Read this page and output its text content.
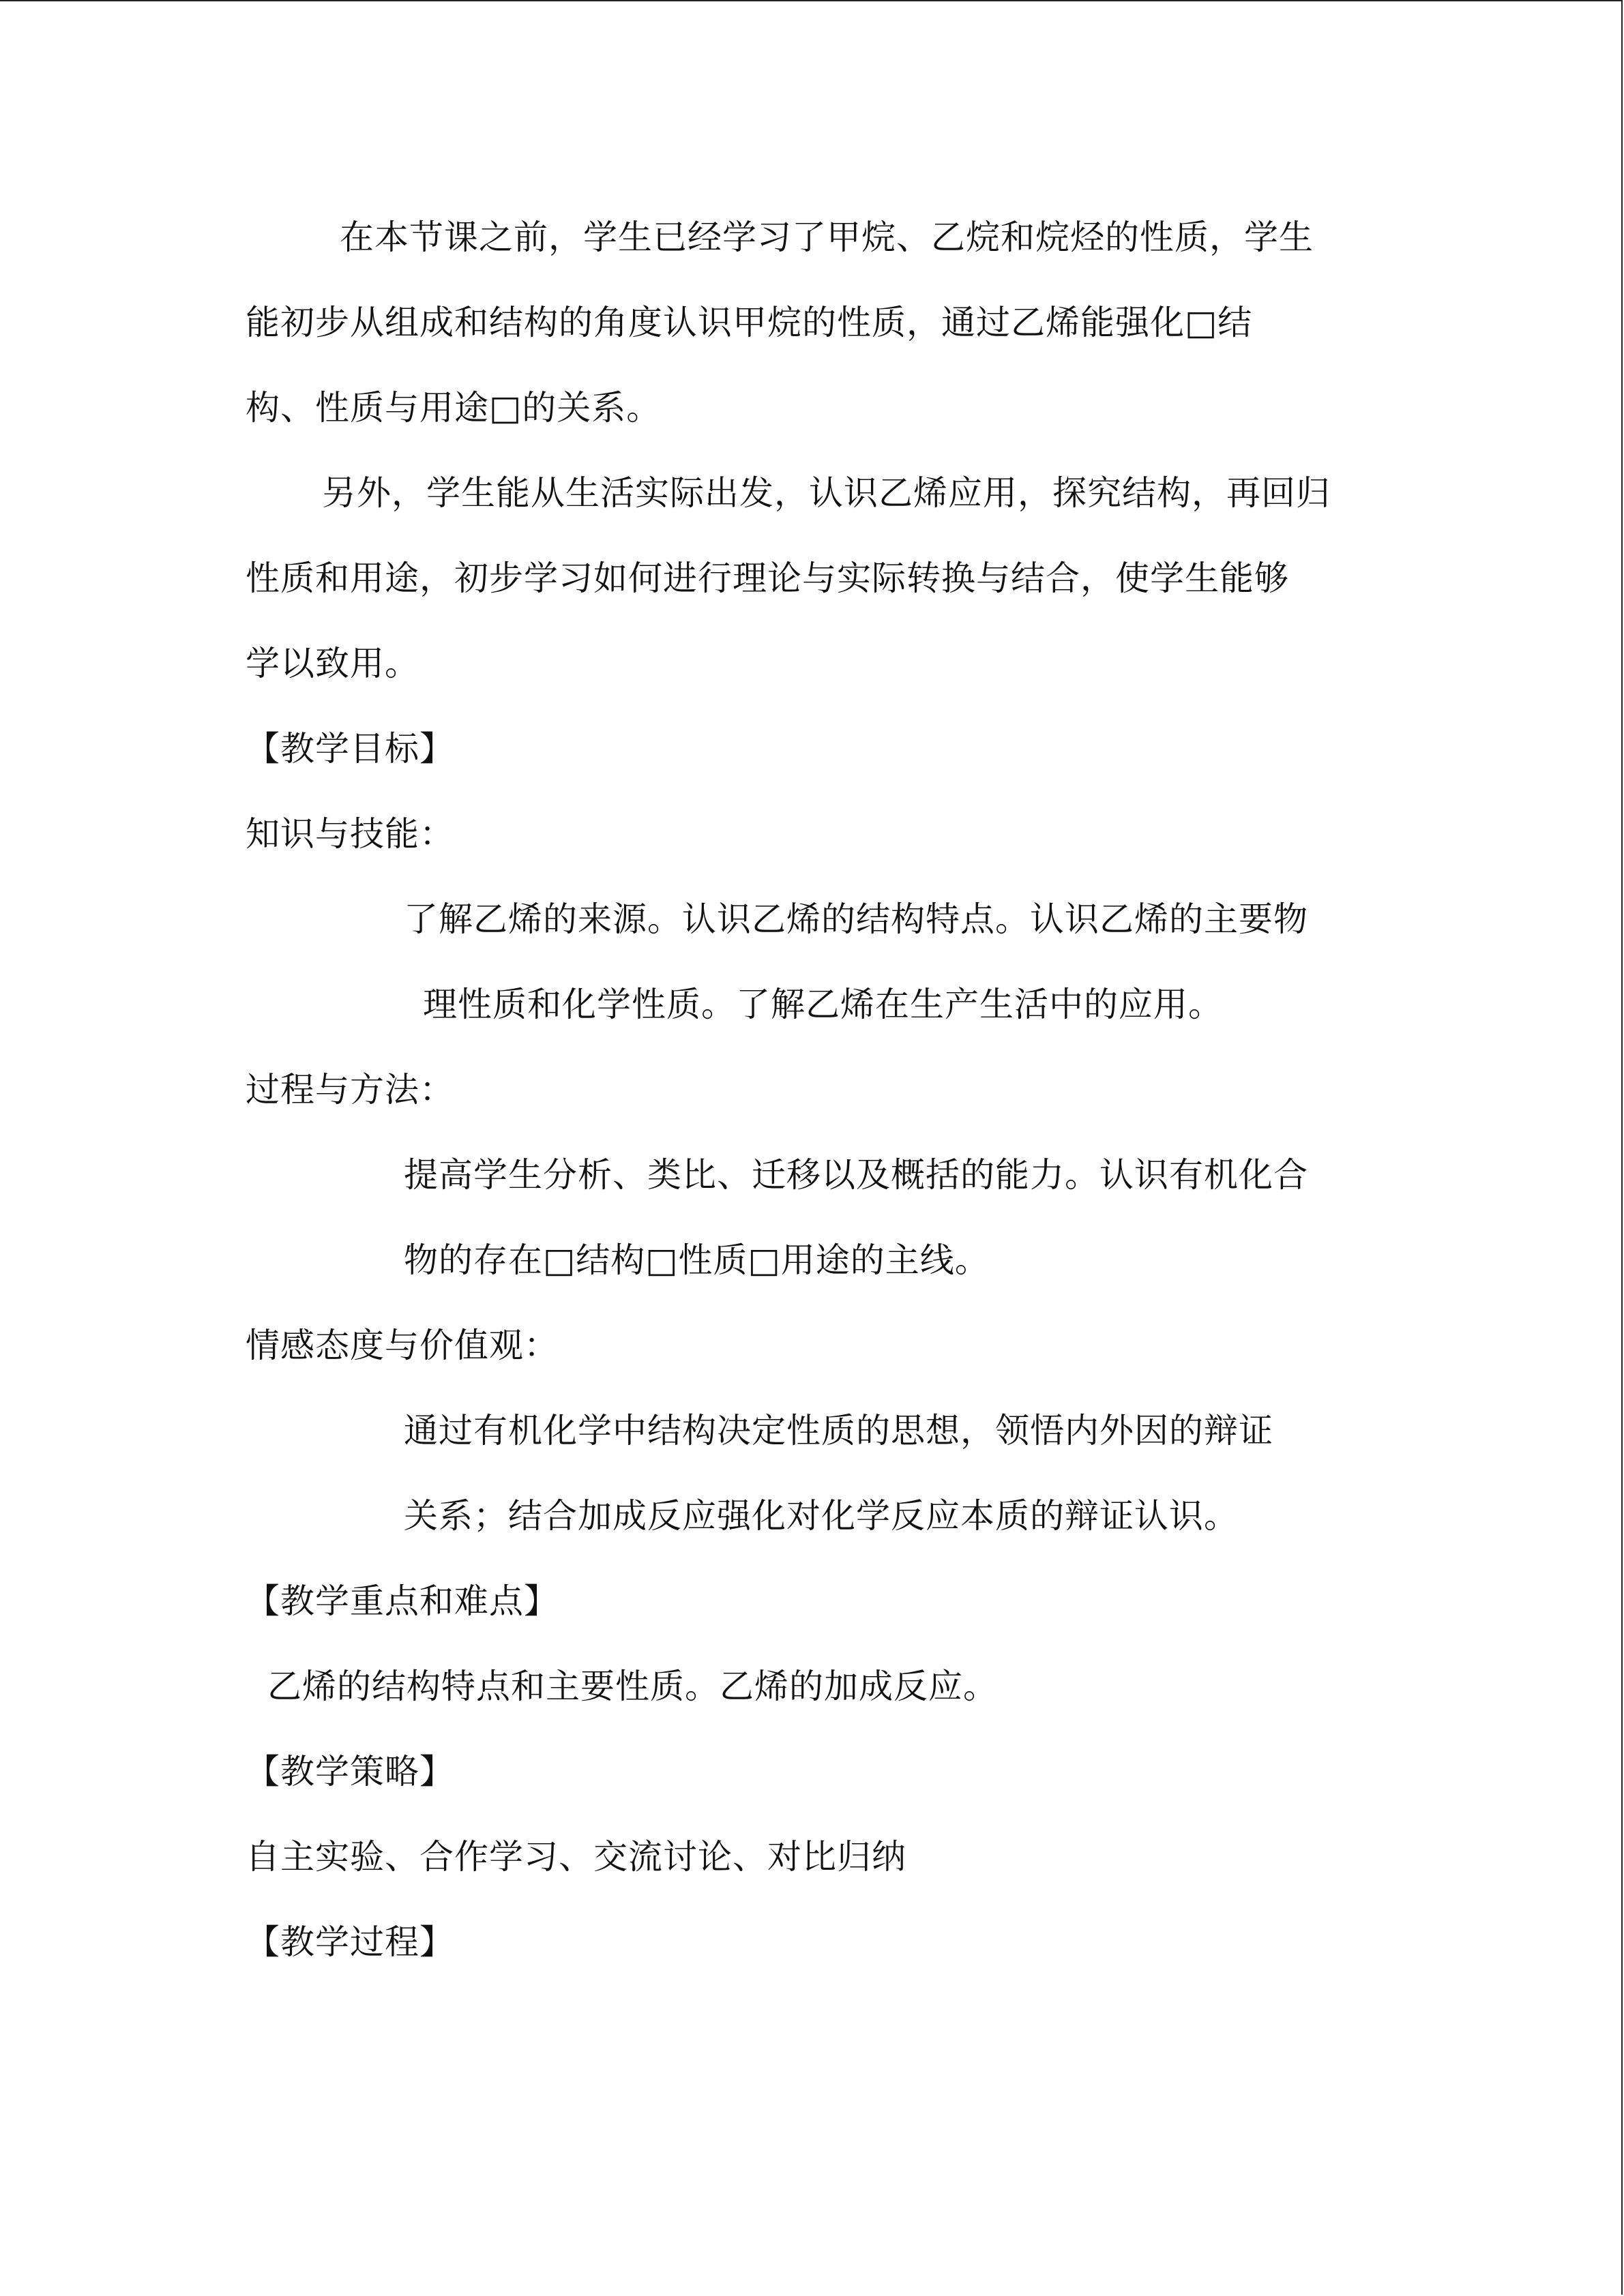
在本节课之前，学生已经学习了甲烷、乙烷和烷烃的性质，学生
能初步从组成和结构的角度认识甲烷的性质，通过乙烯能强化□结
构、性质与用途□的关系。
另外，学生能从生活实际出发，认识乙烯应用，探究结构，再回归
性质和用途，初步学习如何进行理论与实际转换与结合，使学生能够
学以致用。
【教学目标】
知识与技能：
了解乙烯的来源。认识乙烯的结构特点。认识乙烯的主要物
理性质和化学性质。了解乙烯在生产生活中的应用。
过程与方法：
提高学生分析、类比、迁移以及概括的能力。认识有机化合
物的存在□结构□性质□用途的主线。
情感态度与价值观：
通过有机化学中结构决定性质的思想，领悟内外因的辩证
关系；结合加成反应强化对化学反应本质的辩证认识。
【教学重点和难点】
乙烯的结构特点和主要性质。乙烯的加成反应。
【教学策略】
自主实验、合作学习、交流讨论、对比归纳
【教学过程】
